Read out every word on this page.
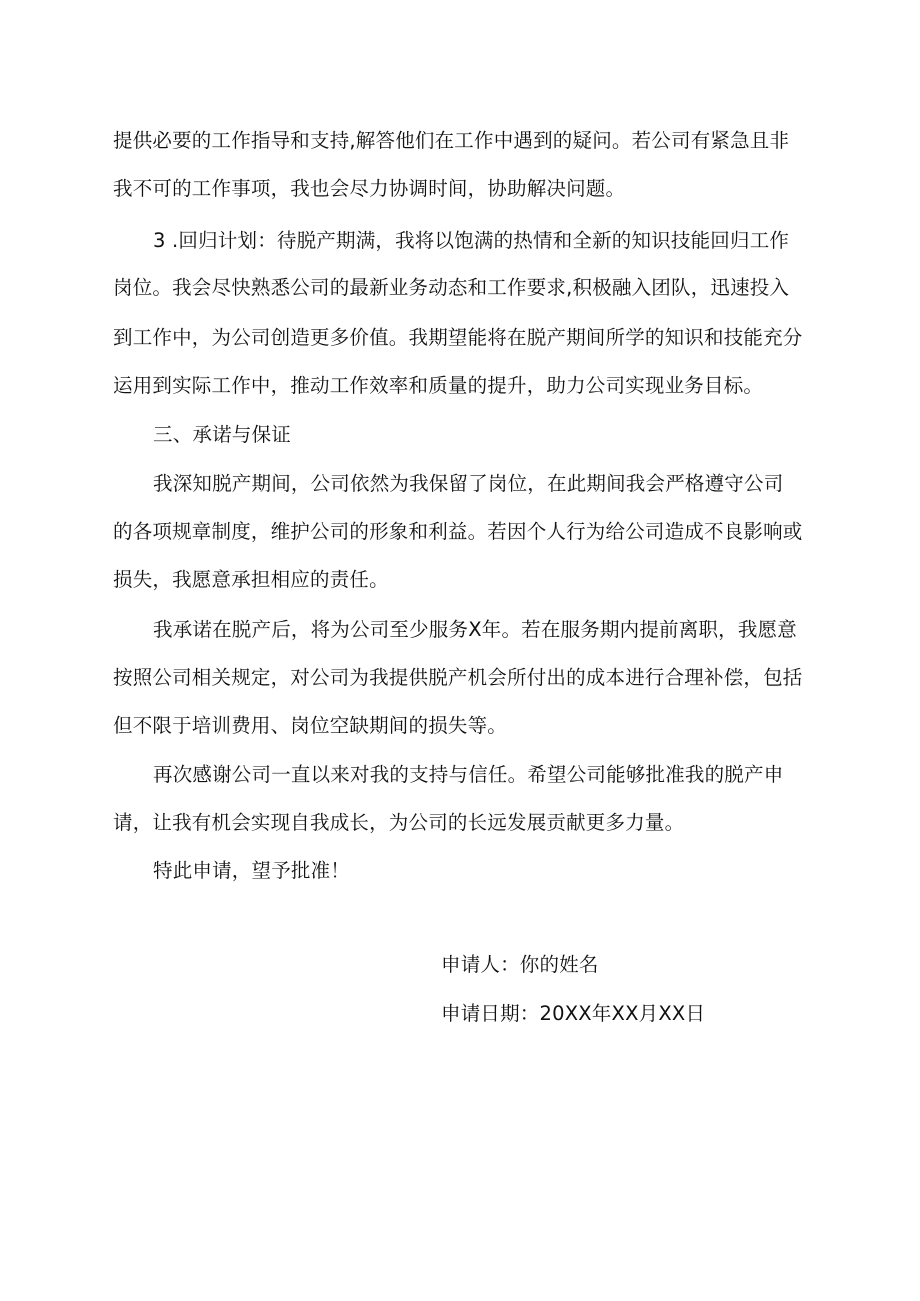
提供必要的工作指导和支持,解答他们在工作中遇到的疑问。若公司有紧急且非
我不可的工作事项，我也会尽力协调时间，协助解决问题。
3 .回归计划：待脱产期满，我将以饱满的热情和全新的知识技能回归工作
岗位。我会尽快熟悉公司的最新业务动态和工作要求,积极融入团队，迅速投入
到工作中，为公司创造更多价值。我期望能将在脱产期间所学的知识和技能充分
运用到实际工作中，推动工作效率和质量的提升，助力公司实现业务目标。
三、承诺与保证
我深知脱产期间，公司依然为我保留了岗位，在此期间我会严格遵守公司
的各项规章制度，维护公司的形象和利益。若因个人行为给公司造成不良影响或
损失，我愿意承担相应的责任。
我承诺在脱产后，将为公司至少服务X年。若在服务期内提前离职，我愿意
按照公司相关规定，对公司为我提供脱产机会所付出的成本进行合理补偿，包括
但不限于培训费用、岗位空缺期间的损失等。
再次感谢公司一直以来对我的支持与信任。希望公司能够批准我的脱产申
请，让我有机会实现自我成长，为公司的长远发展贡献更多力量。
特此申请，望予批准！
申请人：你的姓名
申请日期：20XX年XX月XX日
